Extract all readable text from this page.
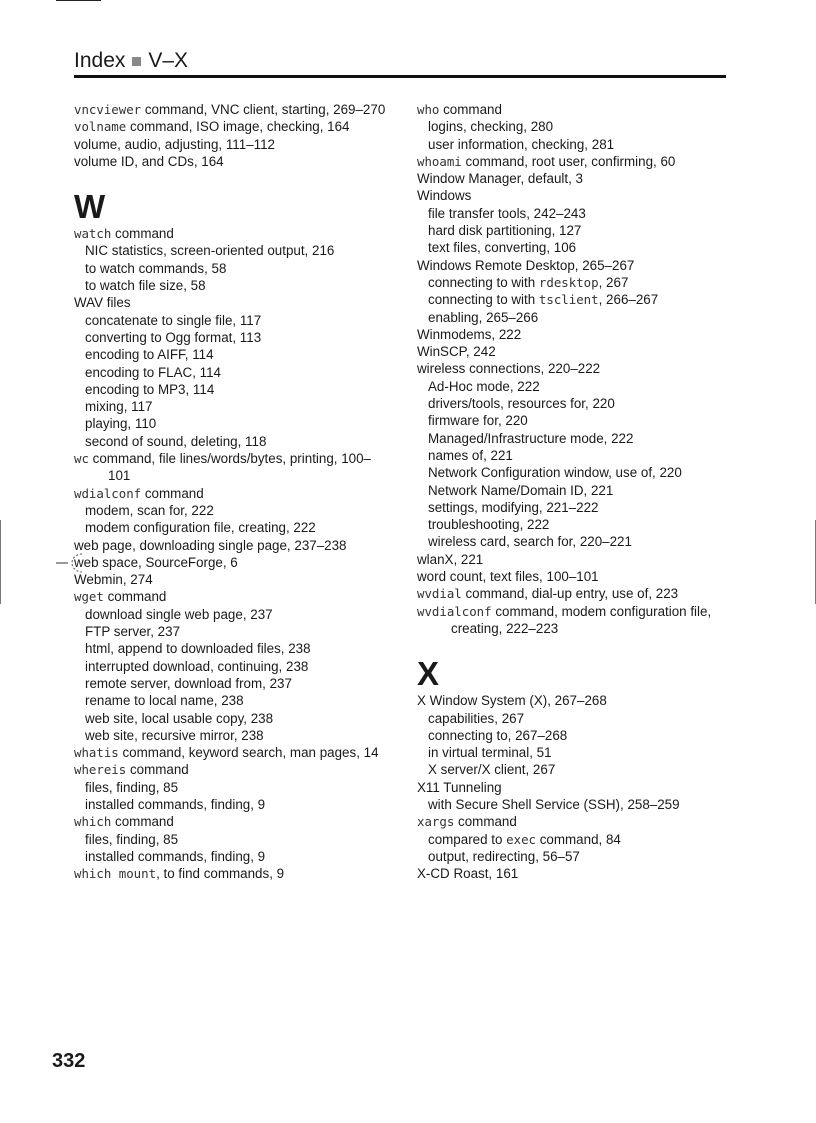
Index V–X
vncviewer command, VNC client, starting, 269–270
volname command, ISO image, checking, 164
volume, audio, adjusting, 111–112
volume ID, and CDs, 164
W
watch command
NIC statistics, screen-oriented output, 216
to watch commands, 58
to watch file size, 58
WAV files
concatenate to single file, 117
converting to Ogg format, 113
encoding to AIFF, 114
encoding to FLAC, 114
encoding to MP3, 114
mixing, 117
playing, 110
second of sound, deleting, 118
wc command, file lines/words/bytes, printing, 100–101
wdialconf command
modem, scan for, 222
modem configuration file, creating, 222
web page, downloading single page, 237–238
web space, SourceForge, 6
Webmin, 274
wget command
download single web page, 237
FTP server, 237
html, append to downloaded files, 238
interrupted download, continuing, 238
remote server, download from, 237
rename to local name, 238
web site, local usable copy, 238
web site, recursive mirror, 238
whatis command, keyword search, man pages, 14
whereis command
files, finding, 85
installed commands, finding, 9
which command
files, finding, 85
installed commands, finding, 9
which mount, to find commands, 9
who command
logins, checking, 280
user information, checking, 281
whoami command, root user, confirming, 60
Window Manager, default, 3
Windows
file transfer tools, 242–243
hard disk partitioning, 127
text files, converting, 106
Windows Remote Desktop, 265–267
connecting to with rdesktop, 267
connecting to with tsclient, 266–267
enabling, 265–266
Winmodems, 222
WinSCP, 242
wireless connections, 220–222
Ad-Hoc mode, 222
drivers/tools, resources for, 220
firmware for, 220
Managed/Infrastructure mode, 222
names of, 221
Network Configuration window, use of, 220
Network Name/Domain ID, 221
settings, modifying, 221–222
troubleshooting, 222
wireless card, search for, 220–221
wlanX, 221
word count, text files, 100–101
wvdial command, dial-up entry, use of, 223
wvdialconf command, modem configuration file, creating, 222–223
X
X Window System (X), 267–268
capabilities, 267
connecting to, 267–268
in virtual terminal, 51
X server/X client, 267
X11 Tunneling
with Secure Shell Service (SSH), 258–259
xargs command
compared to exec command, 84
output, redirecting, 56–57
X-CD Roast, 161
332
